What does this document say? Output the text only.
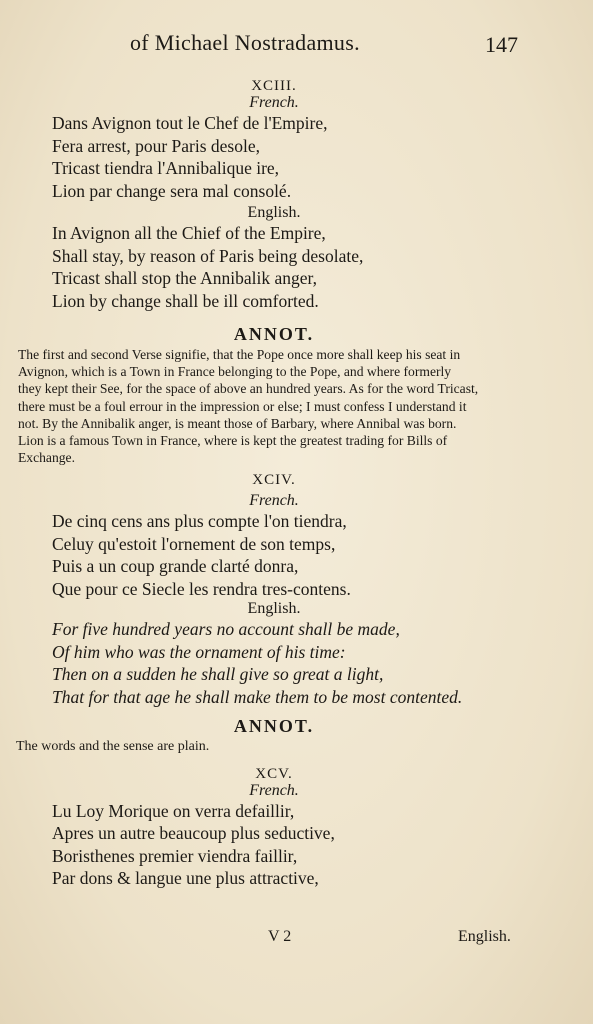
of Michael Nostradamus.	147
XCIII.
French.
Dans Avignon tout le Chef de l'Empire,
Fera arrest, pour Paris desole,
Tricast tiendra l'Annibalique ire,
Lion par change sera mal consolé.
English.
In Avignon all the Chief of the Empire,
Shall stay, by reason of Paris being desolate,
Tricast shall stop the Annibalik anger,
Lion by change shall be ill comforted.
ANNOT.
The first and second Verse signifie, that the Pope once more shall keep his seat in
Avignon, which is a Town in France belonging to the Pope, and where formerly
they kept their See, for the space of above an hundred years. As for the word Tricast,
there must be a foul errour in the impression or else; I must confess I understand it
not. By the Annibalik anger, is meant those of Barbary, where Annibal was born.
Lion is a famous Town in France, where is kept the greatest trading for Bills of
Exchange.
XCIV.
French.
De cinq cens ans plus compte l'on tiendra,
Celuy qu'estoit l'ornement de son temps,
Puis a un coup grande clarté donra,
Que pour ce Siecle les rendra tres-contens.
English.
For five hundred years no account shall be made,
Of him who was the ornament of his time:
Then on a sudden he shall give so great a light,
That for that age he shall make them to be most contented.
ANNOT.
The words and the sense are plain.
XCV.
French.
Lu Loy Morique on verra defaillir,
Apres un autre beaucoup plus seductive,
Boristhenes premier viendra faillir,
Par dons & langue une plus attractive,
V 2	English.
